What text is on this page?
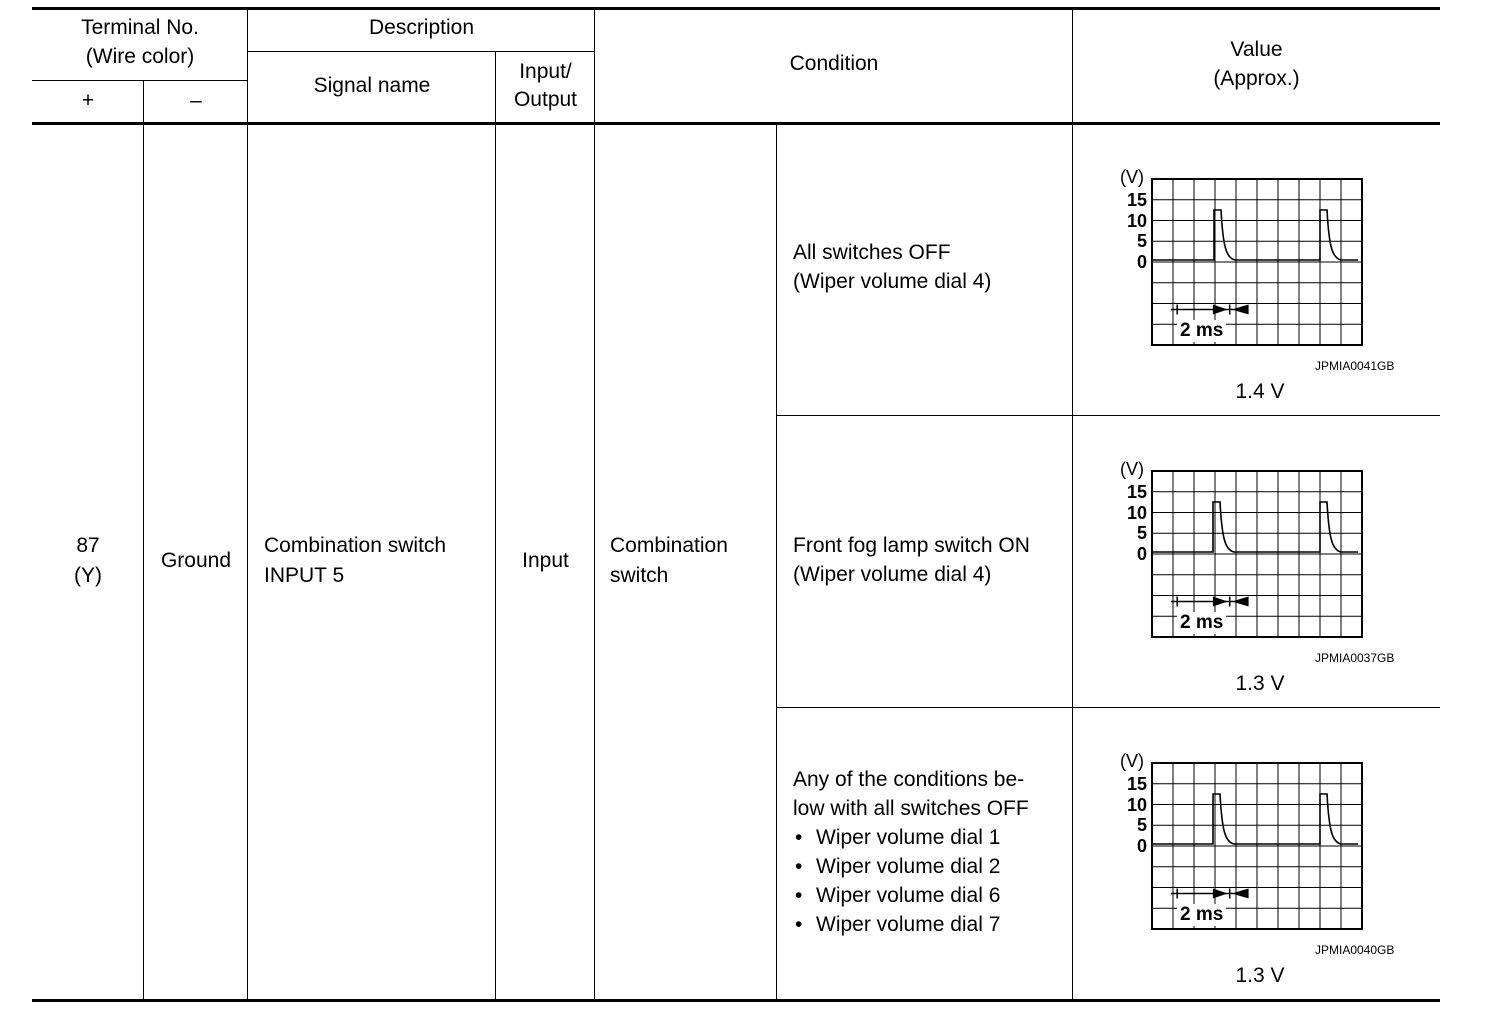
Terminal No.
(Wire color)
+	–
Description
Signal name
Input/
Output
Condition
Value
(Approx.)
87
(Y)
Ground
Combination switch
INPUT 5
Input
Combination
switch
All switches OFF
(Wiper volume dial 4)
Front fog lamp switch ON
(Wiper volume dial 4)
Any of the conditions be-
low with all switches OFF
• Wiper volume dial 1
• Wiper volume dial 2
• Wiper volume dial 6
• Wiper volume dial 7
(V)
15
10
5
0
2 ms
JPMIA0041GB
1.4 V
(V)
15
10
5
0
2 ms
JPMIA0037GB
1.3 V
(V)
15
10
5
0
2 ms
JPMIA0040GB
1.3 V
